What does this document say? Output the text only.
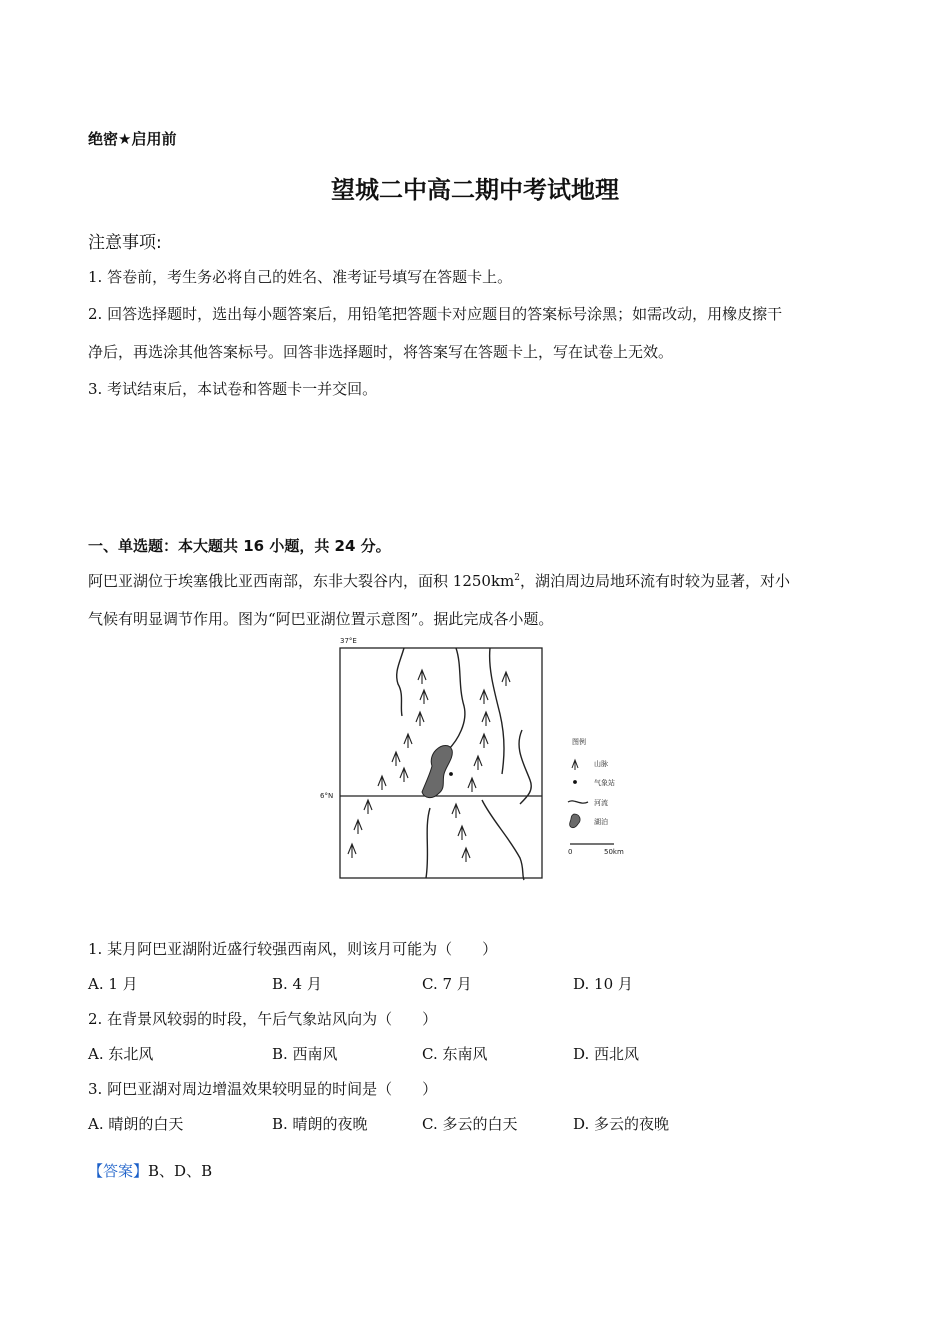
绝密★启用前
望城二中高二期中考试地理
注意事项:
1. 答卷前，考生务必将自己的姓名、准考证号填写在答题卡上。
2. 回答选择题时，选出每小题答案后，用铅笔把答题卡对应题目的答案标号涂黑；如需改动，用橡皮擦干
净后，再选涂其他答案标号。回答非选择题时，将答案写在答题卡上，写在试卷上无效。
3. 考试结束后，本试卷和答题卡一并交回。
一、单选题：本大题共 16 小题，共 24 分。
阿巴亚湖位于埃塞俄比亚西南部，东非大裂谷内，面积 $1250km^2$，湖泊周边局地环流有时较为显著，对小
气候有明显调节作用。图为“阿巴亚湖位置示意图”。据此完成各小题。
37°E
6°N
图例
山脉
气象站
河流
湖泊
0	50km
1. 某月阿巴亚湖附近盛行较强西南风，则该月可能为（　　）
A. 1 月	B. 4 月	C. 7 月	D. 10 月
2. 在背景风较弱的时段，午后气象站风向为（　　）
A. 东北风	B. 西南风	C. 东南风	D. 西北风
3. 阿巴亚湖对周边增温效果较明显的时间是（　　）
A. 晴朗的白天	B. 晴朗的夜晚	C. 多云的白天	D. 多云的夜晚
【答案】B、D、B
